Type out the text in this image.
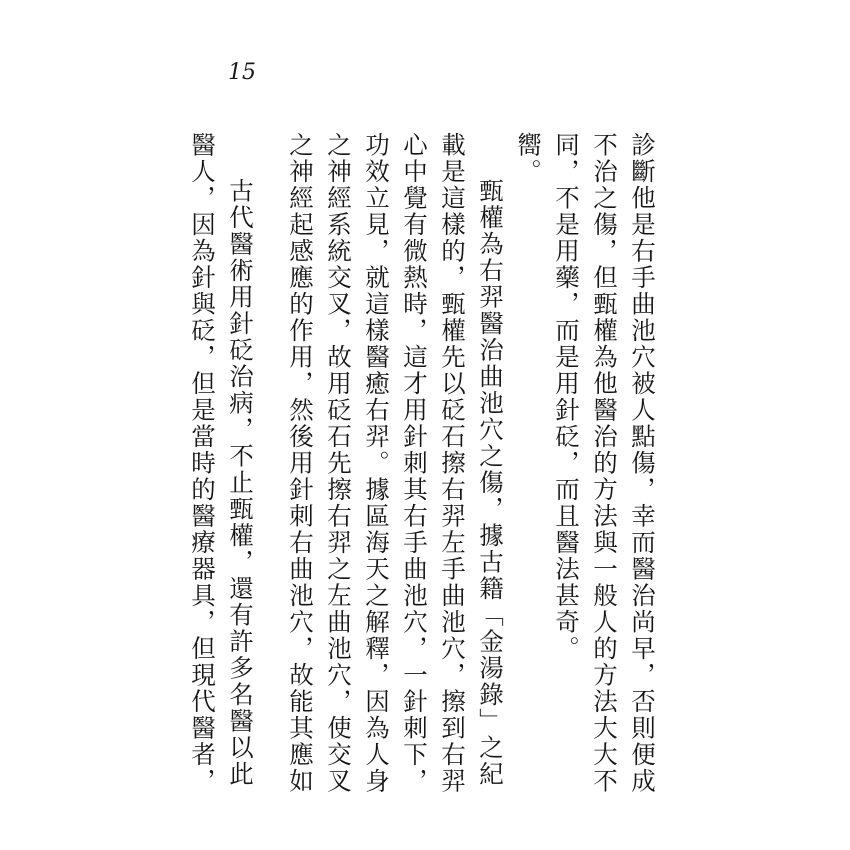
15
診斷他是右手曲池穴被人點傷，幸而醫治尚早，否則便成
不治之傷，但甄權為他醫治的方法與一般人的方法大大不
同，不是用藥，而是用針砭，而且醫法甚奇。
嚮。
甄權為右羿醫治曲池穴之傷，據古籍「金湯錄」之紀
載是這樣的，甄權先以砭石擦右羿左手曲池穴，擦到右羿
心中覺有微熱時，這才用針刺其右手曲池穴，一針刺下，
功效立見，就這樣醫癒右羿。據區海天之解釋，因為人身
之神經系統交叉，故用砭石先擦右羿之左曲池穴，使交叉
之神經起感應的作用，然後用針刺右曲池穴，故能其應如
古代醫術用針砭治病，不止甄權，還有許多名醫以此
醫人，因為針與砭，但是當時的醫療器具，但現代醫者，
